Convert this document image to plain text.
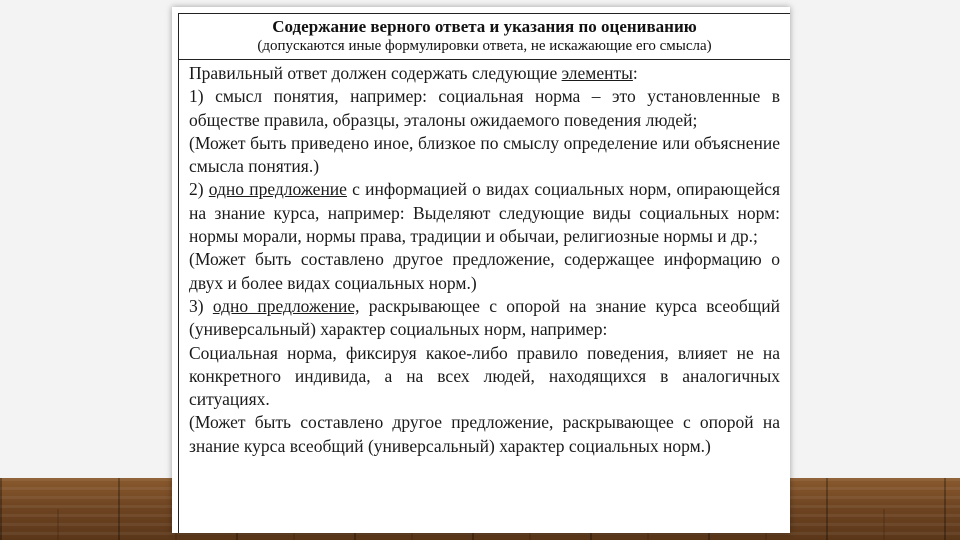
Содержание верного ответа и указания по оцениванию
(допускаются иные формулировки ответа, не искажающие его смысла)

Правильный ответ должен содержать следующие элементы:

1) смысл понятия, например: социальная норма – это установленные в обществе правила, образцы, эталоны ожидаемого поведения людей;

(Может быть приведено иное, близкое по смыслу определение или объяснение смысла понятия.)

2) одно предложение с информацией о видах социальных норм, опирающейся на знание курса, например: Выделяют следующие виды социальных норм: нормы морали, нормы права, традиции и обычаи, религиозные нормы и др.;

(Может быть составлено другое предложение, содержащее информацию о двух и более видах социальных норм.)

3) одно предложение, раскрывающее с опорой на знание курса всеобщий (универсальный) характер социальных норм, например:

Социальная норма, фиксируя какое-либо правило поведения, влияет не на конкретного индивида, а на всех людей, находящихся в аналогичных ситуациях.

(Может быть составлено другое предложение, раскрывающее с опорой на знание курса всеобщий (универсальный) характер социальных норм.)
